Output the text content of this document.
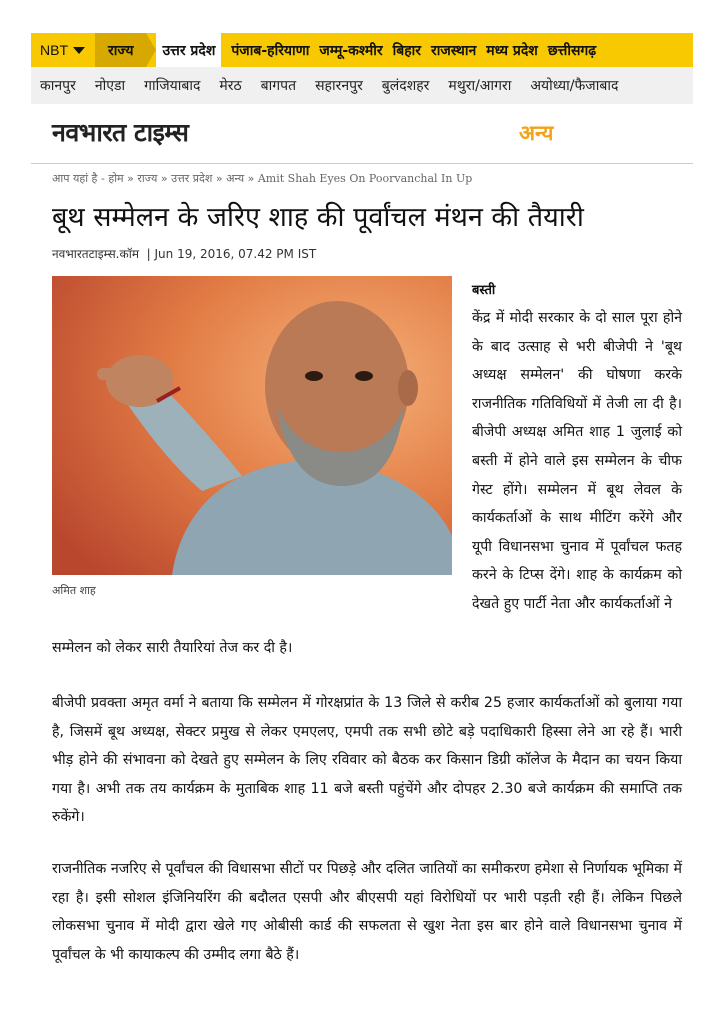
NBT	राज्य	उत्तर प्रदेश	पंजाब-हरियाणा जम्मू-कश्मीर बिहार राजस्थान मध्य प्रदेश छत्तीसगढ़
कानपुर नोएडा गाजियाबाद मेरठ बागपत सहारनपुर बुलंदशहर मथुरा/आगरा अयोध्या/फैजाबाद
नवभारत टाइम्स	अन्य
आप यहां है - होम » राज्य » उत्तर प्रदेश » अन्य » Amit Shah Eyes On Poorvanchal In Up
बूथ सम्मेलन के जरिए शाह की पूर्वांचल मंथन की तैयारी
नवभारतटाइम्स.कॉम  | Jun 19, 2016, 07.42 PM IST
अमित शाह
बस्ती

केंद्र में मोदी सरकार के दो साल पूरा होने के बाद उत्साह से भरी बीजेपी ने 'बूथ अध्यक्ष सम्मेलन' की घोषणा करके राजनीतिक गतिविधियों में तेजी ला दी है। बीजेपी अध्यक्ष अमित शाह 1 जुलाई को बस्ती में होने वाले इस सम्मेलन के चीफ गेस्ट होंगे। सम्मेलन में बूथ लेवल के कार्यकर्ताओं के साथ मीटिंग करेंगे और यूपी विधानसभा चुनाव में पूर्वांचल फतह करने के टिप्स देंगे। शाह के कार्यक्रम को देखते हुए पार्टी नेता और कार्यकर्ताओं ने

सम्मेलन को लेकर सारी तैयारियां तेज कर दी है।

बीजेपी प्रवक्ता अमृत वर्मा ने बताया कि सम्मेलन में गोरक्षप्रांत के 13 जिले से करीब 25 हजार कार्यकर्ताओं को बुलाया गया है, जिसमें बूथ अध्यक्ष, सेक्टर प्रमुख से लेकर एमएलए, एमपी तक सभी छोटे बड़े पदाधिकारी हिस्सा लेने आ रहे हैं। भारी भीड़ होने की संभावना को देखते हुए सम्मेलन के लिए रविवार को बैठक कर किसान डिग्री कॉलेज के मैदान का चयन किया गया है। अभी तक तय कार्यक्रम के मुताबिक शाह 11 बजे बस्ती पहुंचेंगे और दोपहर 2.30 बजे कार्यक्रम की समाप्ति तक रुकेंगे।

राजनीतिक नजरिए से पूर्वांचल की विधासभा सीटों पर पिछड़े और दलित जातियों का समीकरण हमेशा से निर्णायक भूमिका में रहा है। इसी सोशल इंजिनियरिंग की बदौलत एसपी और बीएसपी यहां विरोधियों पर भारी पड़ती रही हैं। लेकिन पिछले लोकसभा चुनाव में मोदी द्वारा खेले गए ओबीसी कार्ड की सफलता से खुश नेता इस बार होने वाले विधानसभा चुनाव में पूर्वांचल के भी कायाकल्प की उम्मीद लगा बैठे हैं।
